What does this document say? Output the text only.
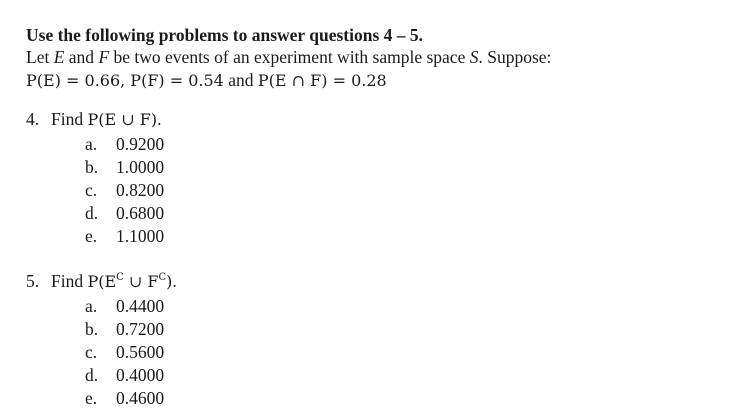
Use the following problems to answer questions 4 – 5.

Let E and F be two events of an experiment with sample space S. Suppose:

P(E) = 0.66, P(F) = 0.54 and P(E ∩ F) = 0.28

4. Find P(E ∪ F).

a. 0.9200
b. 1.0000
c. 0.8200
d. 0.6800
e. 1.1000

5. Find $P(E^C$ ∪ $F^C$).

a. 0.4400
b. 0.7200
c. 0.5600
d. 0.4000
e. 0.4600
